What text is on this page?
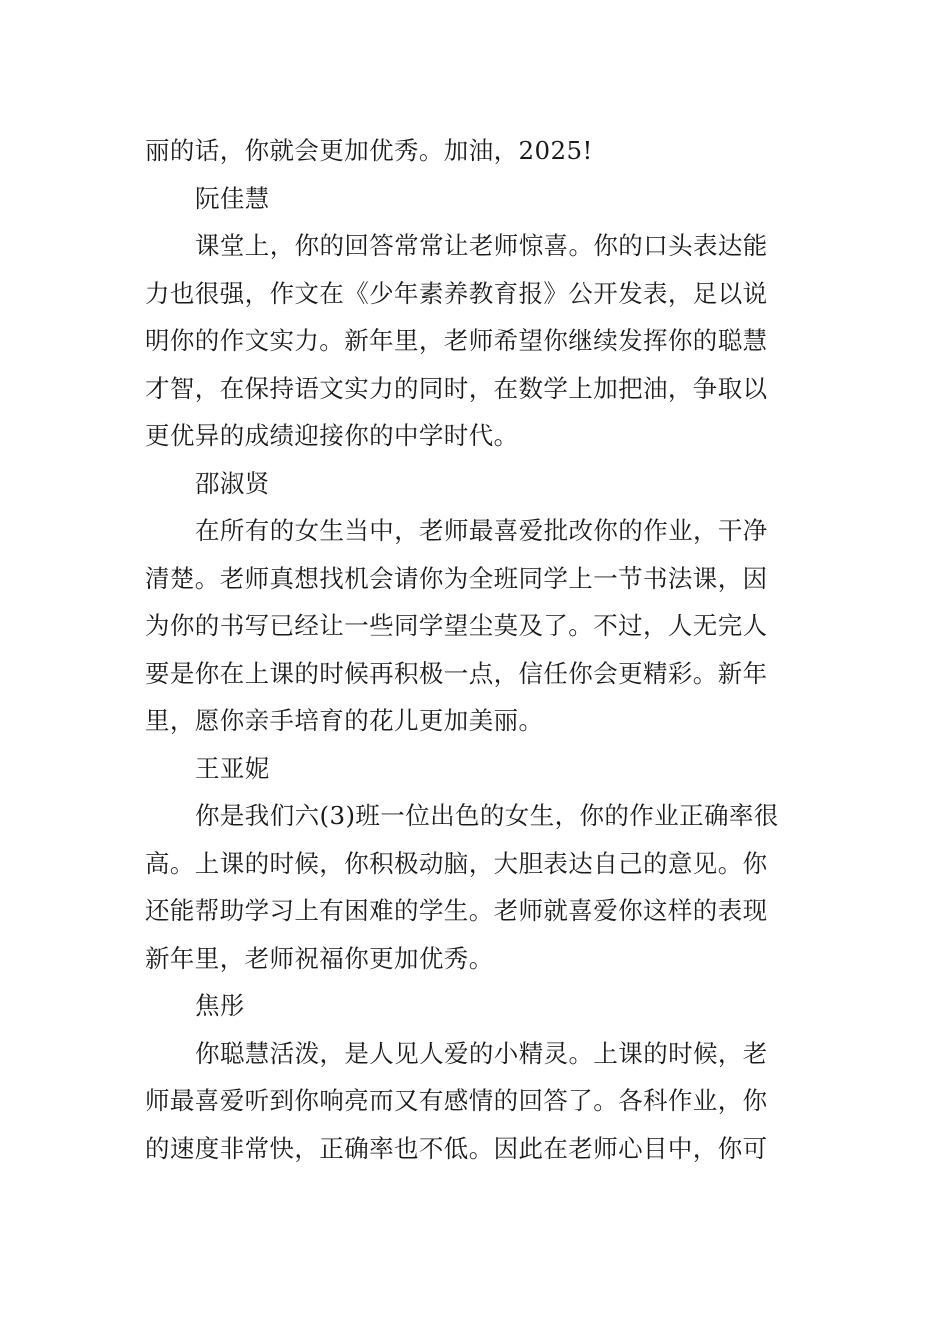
丽的话，你就会更加优秀。加油，2025!
阮佳慧
课堂上，你的回答常常让老师惊喜。你的口头表达能
力也很强，作文在《少年素养教育报》公开发表，足以说
明你的作文实力。新年里，老师希望你继续发挥你的聪慧
才智，在保持语文实力的同时，在数学上加把油，争取以
更优异的成绩迎接你的中学时代。
邵淑贤
在所有的女生当中，老师最喜爱批改你的作业，干净
清楚。老师真想找机会请你为全班同学上一节书法课，因
为你的书写已经让一些同学望尘莫及了。不过，人无完人
要是你在上课的时候再积极一点，信任你会更精彩。新年
里，愿你亲手培育的花儿更加美丽。
王亚妮
你是我们六(3)班一位出色的女生，你的作业正确率很
高。上课的时候，你积极动脑，大胆表达自己的意见。你
还能帮助学习上有困难的学生。老师就喜爱你这样的表现
新年里，老师祝福你更加优秀。
焦彤
你聪慧活泼，是人见人爱的小精灵。上课的时候，老
师最喜爱听到你响亮而又有感情的回答了。各科作业，你
的速度非常快，正确率也不低。因此在老师心目中，你可
